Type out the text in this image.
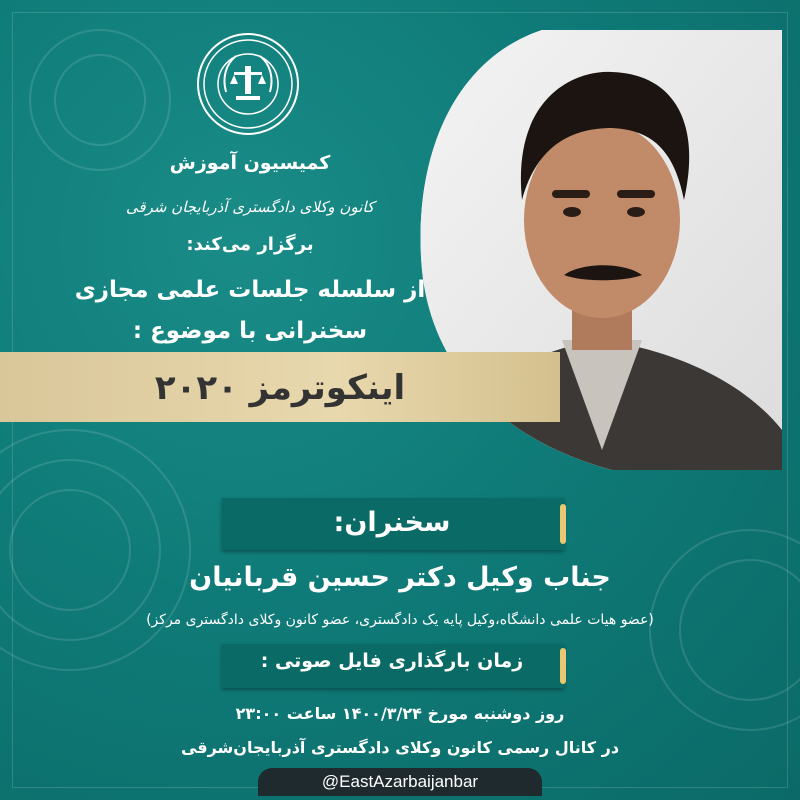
کمیسیون آموزش
کانون وکلای دادگستری آذربایجان شرقی
برگزار می‌کند:
از سلسله جلسات علمی مجازی
سخنرانی با موضوع :
اینکوترمز ۲۰۲۰
سخنران:
جناب وکیل دکتر حسین قربانیان
(عضو هیات علمی دانشگاه،وکیل پایه یک دادگستری، عضو کانون وکلای دادگستری مرکز)
زمان بارگذاری فایل صوتی :
روز دوشنبه مورخ ۱۴۰۰/۳/۲۴ ساعت ۲۳:۰۰
در کانال رسمی کانون وکلای دادگستری آذربایجان‌شرقی
@EastAzarbaijanbar
